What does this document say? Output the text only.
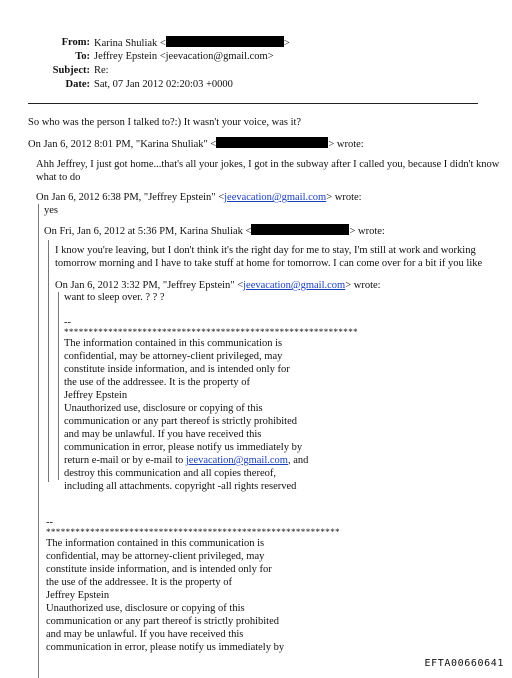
From: Karina Shuliak <	>
To: Jeffrey Epstein <jeevacation@gmail.com>
Subject: Re:
Date: Sat, 07 Jan 2012 02:20:03 +0000
So who was the person I talked to?:) It wasn't your voice, was it?
On Jan 6, 2012 8:01 PM, "Karina Shuliak" <	> wrote:
Ahh Jeffrey, I just got home...that's all your jokes, I got in the subway after I called you, because I didn't know
what to do
On Jan 6, 2012 6:38 PM, "Jeffrey Epstein" <jeevacation@gmail.com> wrote:
yes
On Fri, Jan 6, 2012 at 5:36 PM, Karina Shuliak <	> wrote:
I know you're leaving, but I don't think it's the right day for me to stay, I'm still at work and working
tomorrow morning and I have to take stuff at home for tomorrow. I can come over for a bit if you like
On Jan 6, 2012 3:32 PM, "Jeffrey Epstein" <jeevacation@gmail.com> wrote:
want to sleep over. ? ? ?
--
************************************************************
The information contained in this communication is
confidential, may be attorney-client privileged, may
constitute inside information, and is intended only for
the use of the addressee. It is the property of
Jeffrey Epstein
Unauthorized use, disclosure or copying of this
communication or any part thereof is strictly prohibited
and may be unlawful. If you have received this
communication in error, please notify us immediately by
return e-mail or by e-mail to jeevacation@gmail.com, and
destroy this communication and all copies thereof,
including all attachments. copyright -all rights reserved
--
************************************************************
The information contained in this communication is
confidential, may be attorney-client privileged, may
constitute inside information, and is intended only for
the use of the addressee. It is the property of
Jeffrey Epstein
Unauthorized use, disclosure or copying of this
communication or any part thereof is strictly prohibited
and may be unlawful. If you have received this
communication in error, please notify us immediately by
EFTA00660641
